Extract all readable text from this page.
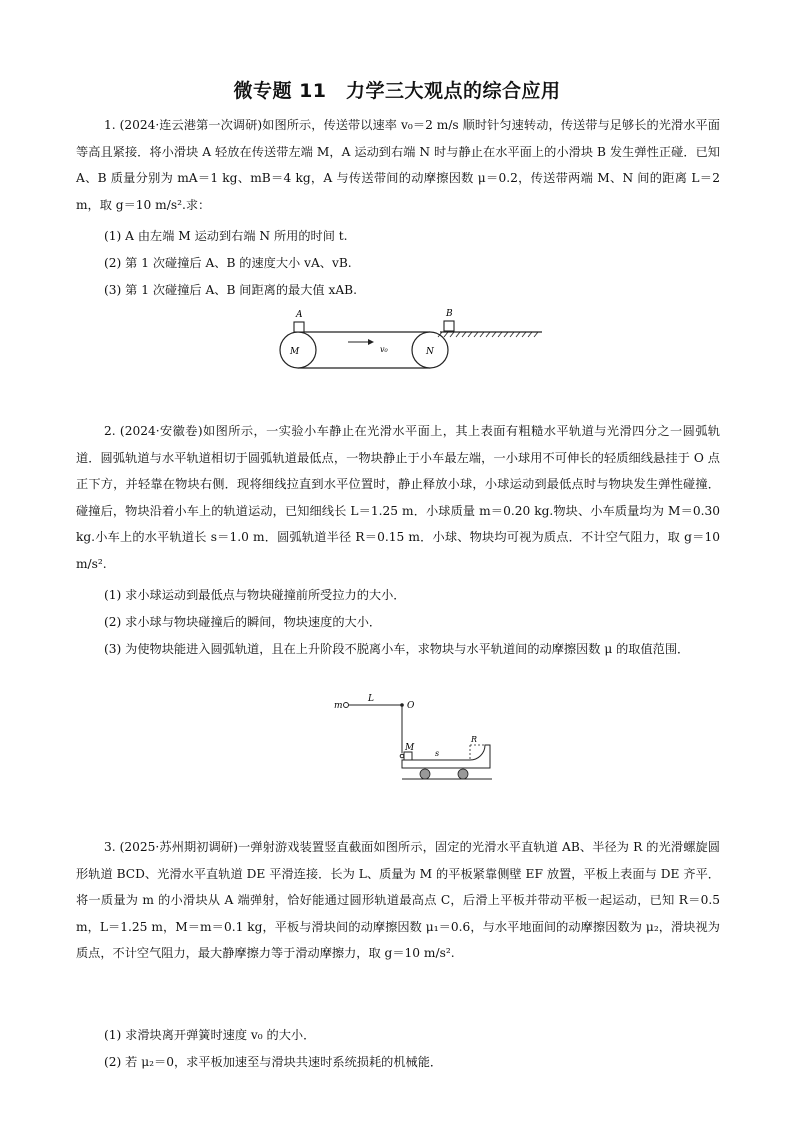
微专题 11　力学三大观点的综合应用

1. (2024·连云港第一次调研)如图所示，传送带以速率 v₀＝2 m/s 顺时针匀速转动，传送带与足够长的光滑水平面等高且紧接．将小滑块 A 轻放在传送带左端 M，A 运动到右端 N 时与静止在水平面上的小滑块 B 发生弹性正碰．已知 A、B 质量分别为 mA＝1 kg、mB＝4 kg，A 与传送带间的动摩擦因数 μ＝0.2，传送带两端 M、N 间的距离 L＝2 m，取 g＝10 m/s².求：

(1) A 由左端 M 运动到右端 N 所用的时间 t.

(2) 第 1 次碰撞后 A、B 的速度大小 vA、vB.

(3) 第 1 次碰撞后 A、B 间距离的最大值 xAB.

A	B
M	N
v₀

2. (2024·安徽卷)如图所示，一实验小车静止在光滑水平面上，其上表面有粗糙水平轨道与光滑四分之一圆弧轨道．圆弧轨道与水平轨道相切于圆弧轨道最低点，一物块静止于小车最左端，一小球用不可伸长的轻质细线悬挂于 O 点正下方，并轻靠在物块右侧．现将细线拉直到水平位置时，静止释放小球，小球运动到最低点时与物块发生弹性碰撞．碰撞后，物块沿着小车上的轨道运动，已知细线长 L＝1.25 m．小球质量 m＝0.20 kg.物块、小车质量均为 M＝0.30 kg.小车上的水平轨道长 s＝1.0 m．圆弧轨道半径 R＝0.15 m．小球、物块均可视为质点．不计空气阻力，取 g＝10 m/s².

(1) 求小球运动到最低点与物块碰撞前所受拉力的大小．

(2) 求小球与物块碰撞后的瞬间，物块速度的大小．

(3) 为使物块能进入圆弧轨道，且在上升阶段不脱离小车，求物块与水平轨道间的动摩擦因数 μ 的取值范围．

m
L
O
M
s
R

3. (2025·苏州期初调研)一弹射游戏装置竖直截面如图所示，固定的光滑水平直轨道 AB、半径为 R 的光滑螺旋圆形轨道 BCD、光滑水平直轨道 DE 平滑连接．长为 L、质量为 M 的平板紧靠侧壁 EF 放置，平板上表面与 DE 齐平．将一质量为 m 的小滑块从 A 端弹射，恰好能通过圆形轨道最高点 C，后滑上平板并带动平板一起运动，已知 R＝0.5 m，L＝1.25 m，M＝m＝0.1 kg，平板与滑块间的动摩擦因数 μ₁＝0.6，与水平地面间的动摩擦因数为 μ₂，滑块视为质点，不计空气阻力，最大静摩擦力等于滑动摩擦力，取 g＝10 m/s².

(1) 求滑块离开弹簧时速度 v₀ 的大小．

(2) 若 μ₂＝0，求平板加速至与滑块共速时系统损耗的机械能．
